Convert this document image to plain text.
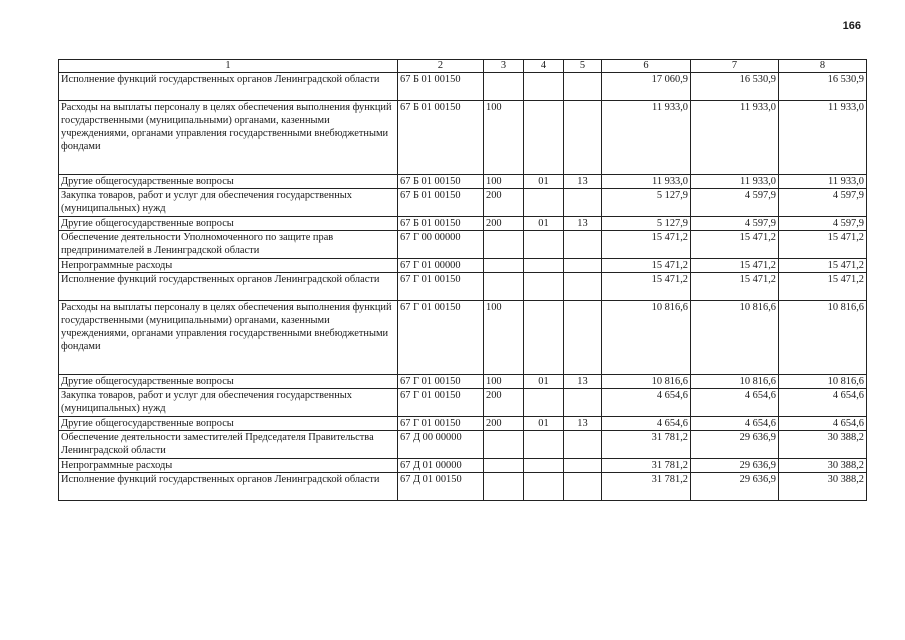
166
1	2	3	4	5	6	7	8
Исполнение функций государственных органов Ленинградской области	67 Б 01 00150				17 060,9	16 530,9	16 530,9
Расходы на выплаты персоналу в целях обеспечения выполнения функций государственными (муниципальными) органами, казенными учреждениями, органами управления государственными внебюджетными фондами	67 Б 01 00150	100			11 933,0	11 933,0	11 933,0
Другие общегосударственные вопросы	67 Б 01 00150	100	01	13	11 933,0	11 933,0	11 933,0
Закупка товаров, работ и услуг для обеспечения государственных (муниципальных) нужд	67 Б 01 00150	200			5 127,9	4 597,9	4 597,9
Другие общегосударственные вопросы	67 Б 01 00150	200	01	13	5 127,9	4 597,9	4 597,9
Обеспечение деятельности Уполномоченного по защите прав предпринимателей в Ленинградской области	67 Г 00 00000				15 471,2	15 471,2	15 471,2
Непрограммные расходы	67 Г 01 00000				15 471,2	15 471,2	15 471,2
Исполнение функций государственных органов Ленинградской области	67 Г 01 00150				15 471,2	15 471,2	15 471,2
Расходы на выплаты персоналу в целях обеспечения выполнения функций государственными (муниципальными) органами, казенными учреждениями, органами управления государственными внебюджетными фондами	67 Г 01 00150	100			10 816,6	10 816,6	10 816,6
Другие общегосударственные вопросы	67 Г 01 00150	100	01	13	10 816,6	10 816,6	10 816,6
Закупка товаров, работ и услуг для обеспечения государственных (муниципальных) нужд	67 Г 01 00150	200			4 654,6	4 654,6	4 654,6
Другие общегосударственные вопросы	67 Г 01 00150	200	01	13	4 654,6	4 654,6	4 654,6
Обеспечение деятельности заместителей Председателя Правительства Ленинградской области	67 Д 00 00000				31 781,2	29 636,9	30 388,2
Непрограммные расходы	67 Д 01 00000				31 781,2	29 636,9	30 388,2
Исполнение функций государственных органов Ленинградской области	67 Д 01 00150				31 781,2	29 636,9	30 388,2
